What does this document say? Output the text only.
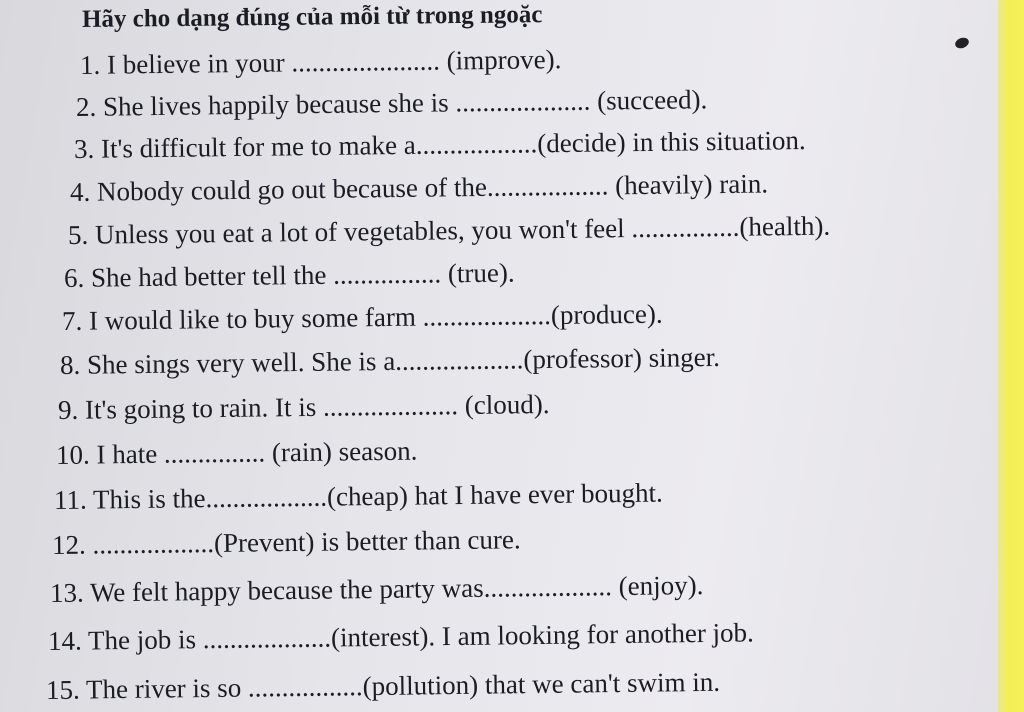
Hãy cho dạng đúng của mỗi từ trong ngoặc
1. I believe in your ...................... (improve).
2. She lives happily because she is .................... (succeed).
3. It's difficult for me to make a..................(decide) in this situation.
4. Nobody could go out because of the.................. (heavily) rain.
5. Unless you eat a lot of vegetables, you won't feel ................(health).
6. She had better tell the ................ (true).
7. I would like to buy some farm ...................(produce).
8. She sings very well. She is a...................(professor) singer.
9. It's going to rain. It is .................... (cloud).
10. I hate ............... (rain) season.
11. This is the..................(cheap) hat I have ever bought.
12. ..................(Prevent) is better than cure.
13. We felt happy because the party was................... (enjoy).
14. The job is ...................(interest). I am looking for another job.
15. The river is so .................(pollution) that we can't swim in.
